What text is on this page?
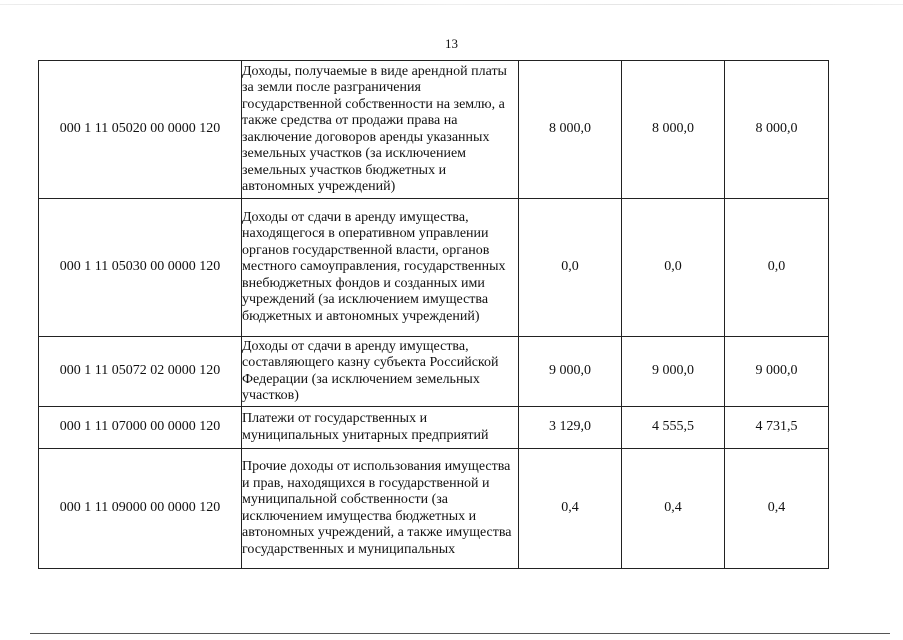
13
000 1 11 05020 00 0000 120	Доходы, получаемые в виде арендной платы за земли после разграничения государственной собственности на землю, а также средства от продажи права на заключение договоров аренды указанных земельных участков (за исключением земельных участков бюджетных и автономных учреждений)	8 000,0	8 000,0	8 000,0
000 1 11 05030 00 0000 120	Доходы от сдачи в аренду имущества, находящегося в оперативном управлении органов государственной власти, органов местного самоуправления, государственных внебюджетных фондов и созданных ими учреждений (за исключением имущества бюджетных и автономных учреждений)	0,0	0,0	0,0
000 1 11 05072 02 0000 120	Доходы от сдачи в аренду имущества, составляющего казну субъекта Российской Федерации (за исключением земельных участков)	9 000,0	9 000,0	9 000,0
000 1 11 07000 00 0000 120	Платежи от государственных и муниципальных унитарных предприятий	3 129,0	4 555,5	4 731,5
000 1 11 09000 00 0000 120	Прочие доходы от использования имущества и прав, находящихся в государственной и муниципальной собственности (за исключением имущества бюджетных и автономных учреждений, а также имущества государственных и муниципальных	0,4	0,4	0,4
